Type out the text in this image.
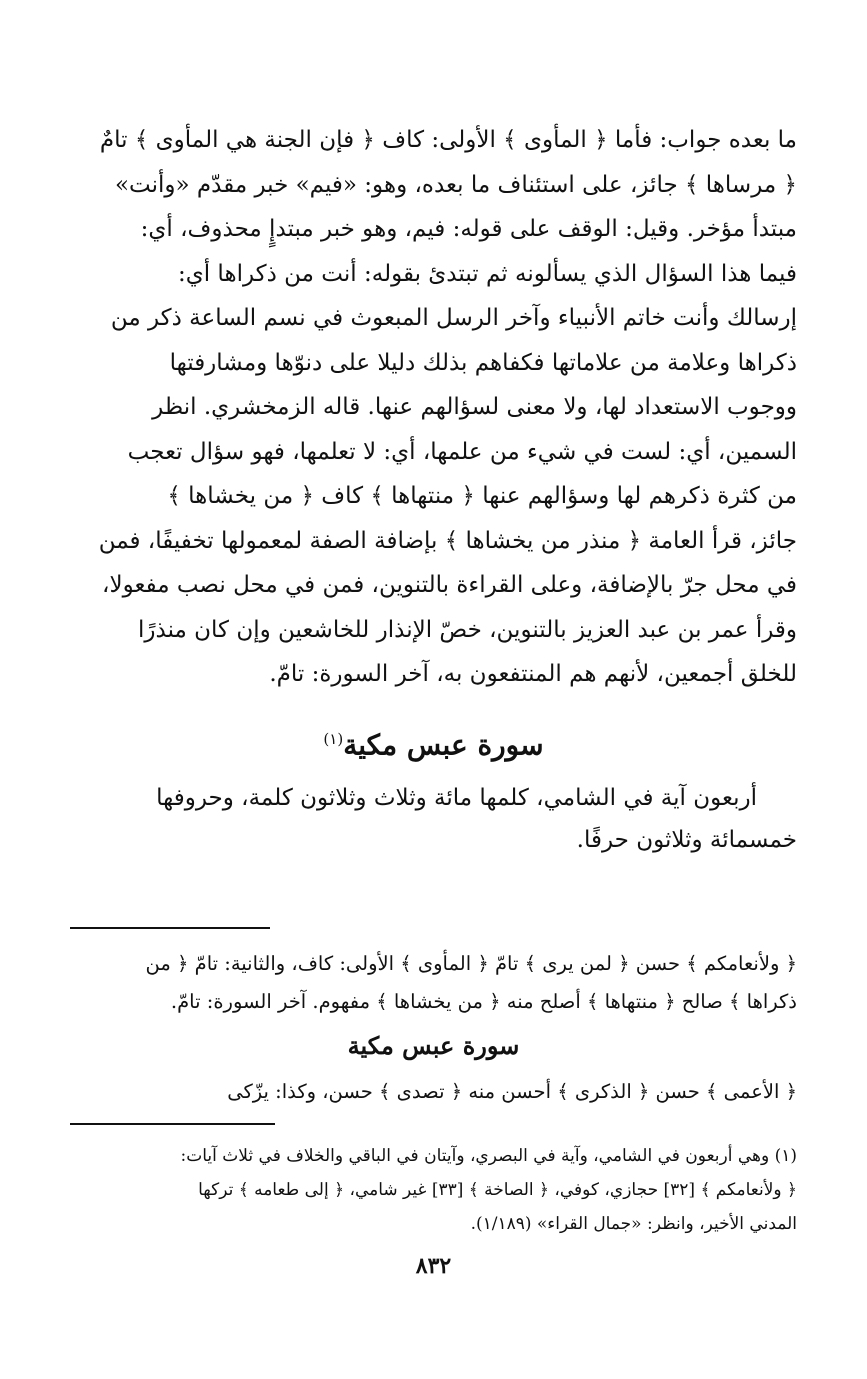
ما بعده جواب: فأما ﴿ المأوى ﴾ الأولى: كاف ﴿ فإن الجنة هي المأوى ﴾ تامٌ

﴿ مرساها ﴾ جائز، على استئناف ما بعده، وهو: «فيم» خبر مقدّم «وأنت»

مبتدأ مؤخر. وقيل: الوقف على قوله: فيم، وهو خبر مبتدإٍ محذوف، أي:

فيما هذا السؤال الذي يسألونه ثم تبتدئ بقوله: أنت من ذكراها أي:

إرسالك وأنت خاتم الأنبياء وآخر الرسل المبعوث في نسم الساعة ذكر من

ذكراها وعلامة من علاماتها فكفاهم بذلك دليلا على دنوّها ومشارفتها

ووجوب الاستعداد لها، ولا معنى لسؤالهم عنها. قاله الزمخشري. انظر

السمين، أي: لست في شيء من علمها، أي: لا تعلمها، فهو سؤال تعجب

من كثرة ذكرهم لها وسؤالهم عنها ﴿ منتهاها ﴾ كاف ﴿ من يخشاها ﴾

جائز، قرأ العامة ﴿ منذر من يخشاها ﴾ بإضافة الصفة لمعمولها تخفيفًا، فمن

في محل جرّ بالإضافة، وعلى القراءة بالتنوين، فمن في محل نصب مفعولا،

وقرأ عمر بن عبد العزيز بالتنوين، خصّ الإنذار للخاشعين وإن كان منذرًا

للخلق أجمعين، لأنهم هم المنتفعون به، آخر السورة: تامّ.

سورة عبس مكية$^{(١)}$

أربعون آية في الشامي، كلمها مائة وثلاث وثلاثون كلمة، وحروفها

خمسمائة وثلاثون حرفًا.

﴿ ولأنعامكم ﴾ حسن ﴿ لمن يرى ﴾ تامّ ﴿ المأوى ﴾ الأولى: كاف، والثانية: تامّ ﴿ من

ذكراها ﴾ صالح ﴿ منتهاها ﴾ أصلح منه ﴿ من يخشاها ﴾ مفهوم. آخر السورة: تامّ.

سورة عبس مكية

﴿ الأعمى ﴾ حسن ﴿ الذكرى ﴾ أحسن منه ﴿ تصدى ﴾ حسن، وكذا: يزّكى

(١) وهي أربعون في الشامي، وآية في البصري، وآيتان في الباقي والخلاف في ثلاث آيات:

﴿ ولأنعامكم ﴾ [٣٢] حجازي، كوفي، ﴿ الصاخة ﴾ [٣٣] غير شامي، ﴿ إلى طعامه ﴾ تركها

المدني الأخير، وانظر: «جمال القراء» (١/١٨٩).

٨٣٢
